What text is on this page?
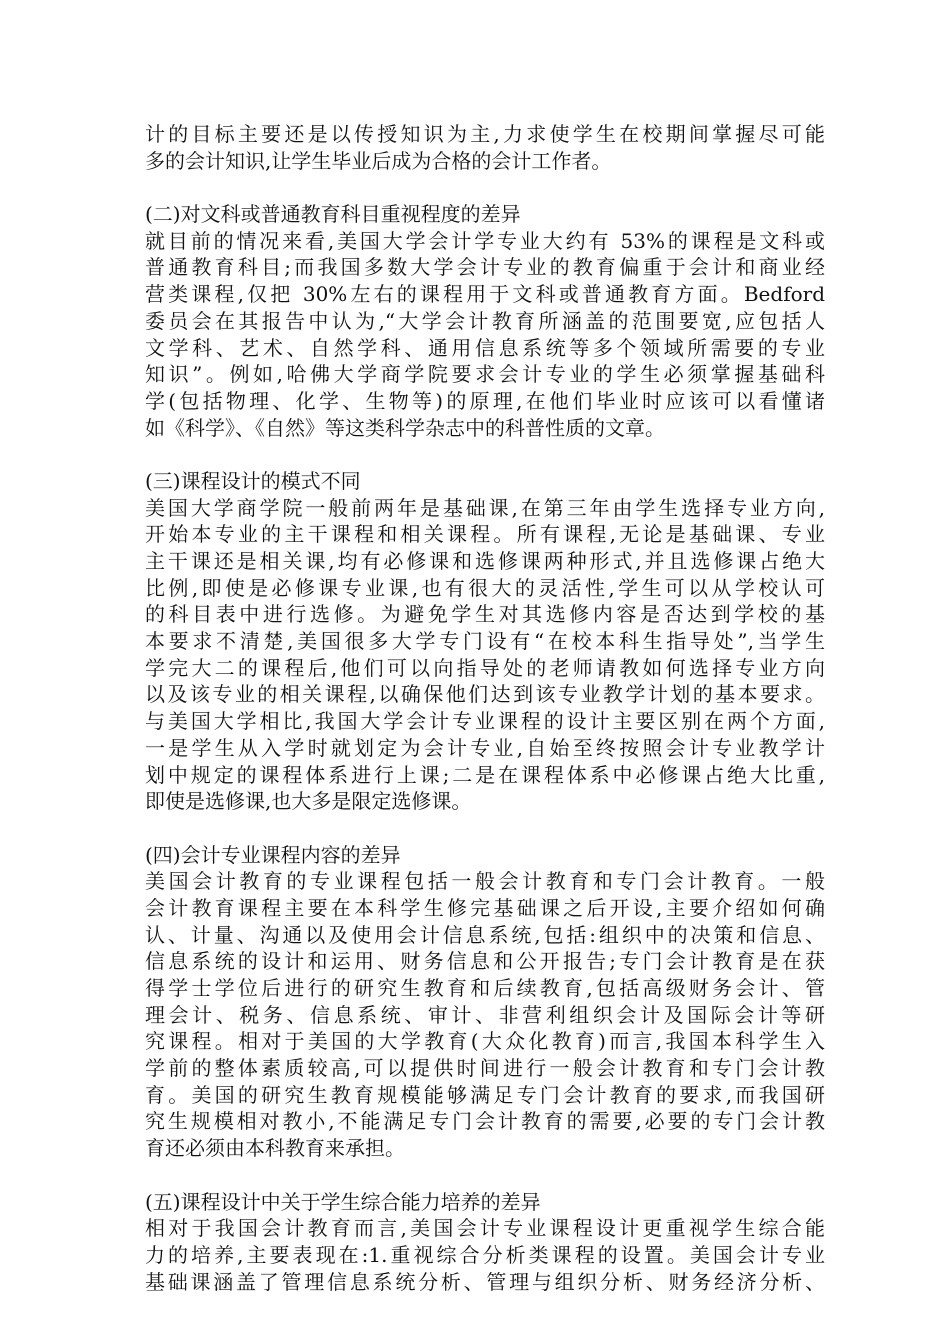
计的目标主要还是以传授知识为主,力求使学生在校期间掌握尽可能
多的会计知识,让学生毕业后成为合格的会计工作者。
(二)对文科或普通教育科目重视程度的差异
就目前的情况来看,美国大学会计学专业大约有 53%的课程是文科或
普通教育科目;而我国多数大学会计专业的教育偏重于会计和商业经
营类课程,仅把 30%左右的课程用于文科或普通教育方面。Bedford
委员会在其报告中认为,“大学会计教育所涵盖的范围要宽,应包括人
文学科、艺术、自然学科、通用信息系统等多个领域所需要的专业
知识”。例如,哈佛大学商学院要求会计专业的学生必须掌握基础科
学(包括物理、化学、生物等)的原理,在他们毕业时应该可以看懂诸
如《科学》、《自然》等这类科学杂志中的科普性质的文章。
(三)课程设计的模式不同
美国大学商学院一般前两年是基础课,在第三年由学生选择专业方向,
开始本专业的主干课程和相关课程。所有课程,无论是基础课、专业
主干课还是相关课,均有必修课和选修课两种形式,并且选修课占绝大
比例,即使是必修课专业课,也有很大的灵活性,学生可以从学校认可
的科目表中进行选修。为避免学生对其选修内容是否达到学校的基
本要求不清楚,美国很多大学专门设有“在校本科生指导处”,当学生
学完大二的课程后,他们可以向指导处的老师请教如何选择专业方向
以及该专业的相关课程,以确保他们达到该专业教学计划的基本要求。
与美国大学相比,我国大学会计专业课程的设计主要区别在两个方面,
一是学生从入学时就划定为会计专业,自始至终按照会计专业教学计
划中规定的课程体系进行上课;二是在课程体系中必修课占绝大比重,
即使是选修课,也大多是限定选修课。
(四)会计专业课程内容的差异
美国会计教育的专业课程包括一般会计教育和专门会计教育。一般
会计教育课程主要在本科学生修完基础课之后开设,主要介绍如何确
认、计量、沟通以及使用会计信息系统,包括:组织中的决策和信息、
信息系统的设计和运用、财务信息和公开报告;专门会计教育是在获
得学士学位后进行的研究生教育和后续教育,包括高级财务会计、管
理会计、税务、信息系统、审计、非营利组织会计及国际会计等研
究课程。相对于美国的大学教育(大众化教育)而言,我国本科学生入
学前的整体素质较高,可以提供时间进行一般会计教育和专门会计教
育。美国的研究生教育规模能够满足专门会计教育的要求,而我国研
究生规模相对教小,不能满足专门会计教育的需要,必要的专门会计教
育还必须由本科教育来承担。
(五)课程设计中关于学生综合能力培养的差异
相对于我国会计教育而言,美国会计专业课程设计更重视学生综合能
力的培养,主要表现在:1.重视综合分析类课程的设置。美国会计专业
基础课涵盖了管理信息系统分析、管理与组织分析、财务经济分析、
